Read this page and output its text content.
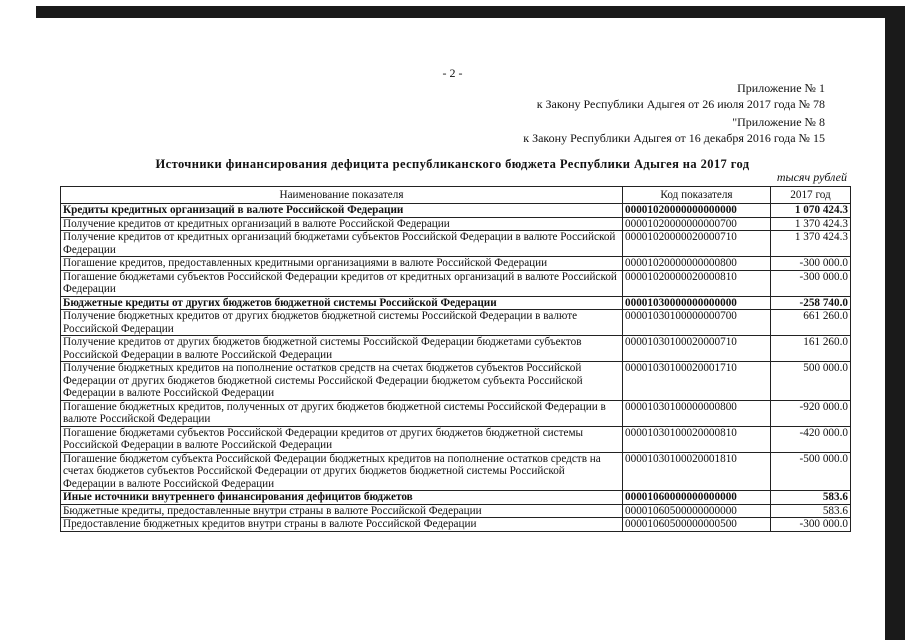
- 2 -
Приложение № 1
к Закону Республики Адыгея от 26 июля 2017 года № 78
"Приложение № 8
к Закону Республики Адыгея от 16 декабря 2016 года № 15
Источники финансирования дефицита республиканского бюджета Республики Адыгея на 2017 год
тысяч рублей
Наименование показателя	Код показателя	2017 год
Кредиты кредитных организаций в валюте Российской Федерации	00001020000000000000	1 070 424.3
Получение кредитов от кредитных организаций в валюте Российской Федерации	00001020000000000700	1 370 424.3
Получение кредитов от кредитных организаций бюджетами субъектов Российской Федерации в валюте Российской Федерации	00001020000020000710	1 370 424.3
Погашение кредитов, предоставленных кредитными организациями в валюте Российской Федерации	00001020000000000800	-300 000.0
Погашение бюджетами субъектов Российской Федерации кредитов от кредитных организаций в валюте Российской Федерации	00001020000020000810	-300 000.0
Бюджетные кредиты от других бюджетов бюджетной системы Российской Федерации	00001030000000000000	-258 740.0
Получение бюджетных кредитов от других бюджетов бюджетной системы Российской Федерации в валюте Российской Федерации	00001030100000000700	661 260.0
Получение кредитов от других бюджетов бюджетной системы Российской Федерации бюджетами субъектов Российской Федерации в валюте Российской Федерации	00001030100020000710	161 260.0
Получение бюджетных кредитов на пополнение остатков средств на счетах бюджетов субъектов Российской Федерации от других бюджетов бюджетной системы Российской Федерации бюджетом субъекта Российской Федерации в валюте Российской Федерации	00001030100020001710	500 000.0
Погашение бюджетных кредитов, полученных от других бюджетов бюджетной системы Российской Федерации в валюте Российской Федерации	00001030100000000800	-920 000.0
Погашение бюджетами субъектов Российской Федерации кредитов от других бюджетов бюджетной системы Российской Федерации в валюте Российской Федерации	00001030100020000810	-420 000.0
Погашение бюджетом субъекта Российской Федерации бюджетных кредитов на пополнение остатков средств на счетах бюджетов субъектов Российской Федерации от других бюджетов бюджетной системы Российской Федерации в валюте Российской Федерации	00001030100020001810	-500 000.0
Иные источники внутреннего финансирования дефицитов бюджетов	00001060000000000000	583.6
Бюджетные кредиты, предоставленные внутри страны в валюте Российской Федерации	00001060500000000000	583.6
Предоставление бюджетных кредитов внутри страны в валюте Российской Федерации	00001060500000000500	-300 000.0
